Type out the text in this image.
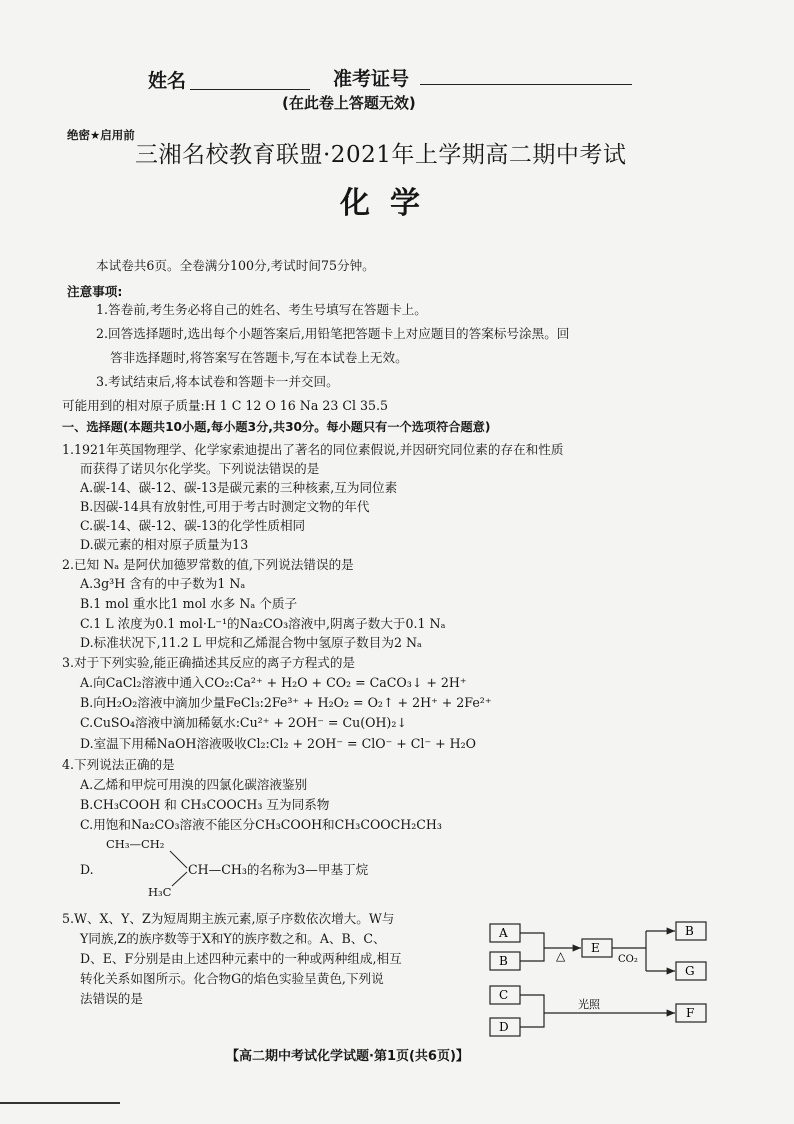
姓名	准考证号
(在此卷上答题无效)
绝密★启用前
三湘名校教育联盟·2021年上学期高二期中考试
化学
本试卷共6页。全卷满分100分,考试时间75分钟。
注意事项:
1.答卷前,考生务必将自己的姓名、考生号填写在答题卡上。
2.回答选择题时,选出每个小题答案后,用铅笔把答题卡上对应题目的答案标号涂黑。回
答非选择题时,将答案写在答题卡,写在本试卷上无效。
3.考试结束后,将本试卷和答题卡一并交回。
可能用到的相对原子质量:H 1 C 12 O 16 Na 23 Cl 35.5
一、选择题(本题共10小题,每小题3分,共30分。每小题只有一个选项符合题意)
1.1921年英国物理学、化学家索迪提出了著名的同位素假说,并因研究同位素的存在和性质
而获得了诺贝尔化学奖。下列说法错误的是
A.碳-14、碳-12、碳-13是碳元素的三种核素,互为同位素
B.因碳-14具有放射性,可用于考古时测定文物的年代
C.碳-14、碳-12、碳-13的化学性质相同
D.碳元素的相对原子质量为13
2.已知 Nₐ 是阿伏加德罗常数的值,下列说法错误的是
A.3g³H 含有的中子数为1 Nₐ
B.1 mol 重水比1 mol 水多 Nₐ 个质子
C.1 L 浓度为0.1 mol·L⁻¹的Na₂CO₃溶液中,阴离子数大于0.1 Nₐ
D.标准状况下,11.2 L 甲烷和乙烯混合物中氢原子数目为2 Nₐ
3.对于下列实验,能正确描述其反应的离子方程式的是
A.向CaCl₂溶液中通入CO₂:Ca²⁺ + H₂O + CO₂ = CaCO₃↓ + 2H⁺
B.向H₂O₂溶液中滴加少量FeCl₃:2Fe³⁺ + H₂O₂ = O₂↑ + 2H⁺ + 2Fe²⁺
C.CuSO₄溶液中滴加稀氨水:Cu²⁺ + 2OH⁻ = Cu(OH)₂↓
D.室温下用稀NaOH溶液吸收Cl₂:Cl₂ + 2OH⁻ = ClO⁻ + Cl⁻ + H₂O
4.下列说法正确的是
A.乙烯和甲烷可用溴的四氯化碳溶液鉴别
B.CH₃COOH 和 CH₃COOCH₃ 互为同系物
C.用饱和Na₂CO₃溶液不能区分CH₃COOH和CH₃COOCH₂CH₃
D.
CH₃—CH₂
CH—CH₃的名称为3—甲基丁烷
H₃C
5.W、X、Y、Z为短周期主族元素,原子序数依次增大。W与
Y同族,Z的族序数等于X和Y的族序数之和。A、B、C、
D、E、F分别是由上述四种元素中的一种或两种组成,相互
转化关系如图所示。化合物G的焰色实验呈黄色,下列说
法错误的是
A
B
C
D
E
B
G
F
△	CO₂
光照
【高二期中考试化学试题·第1页(共6页)】
